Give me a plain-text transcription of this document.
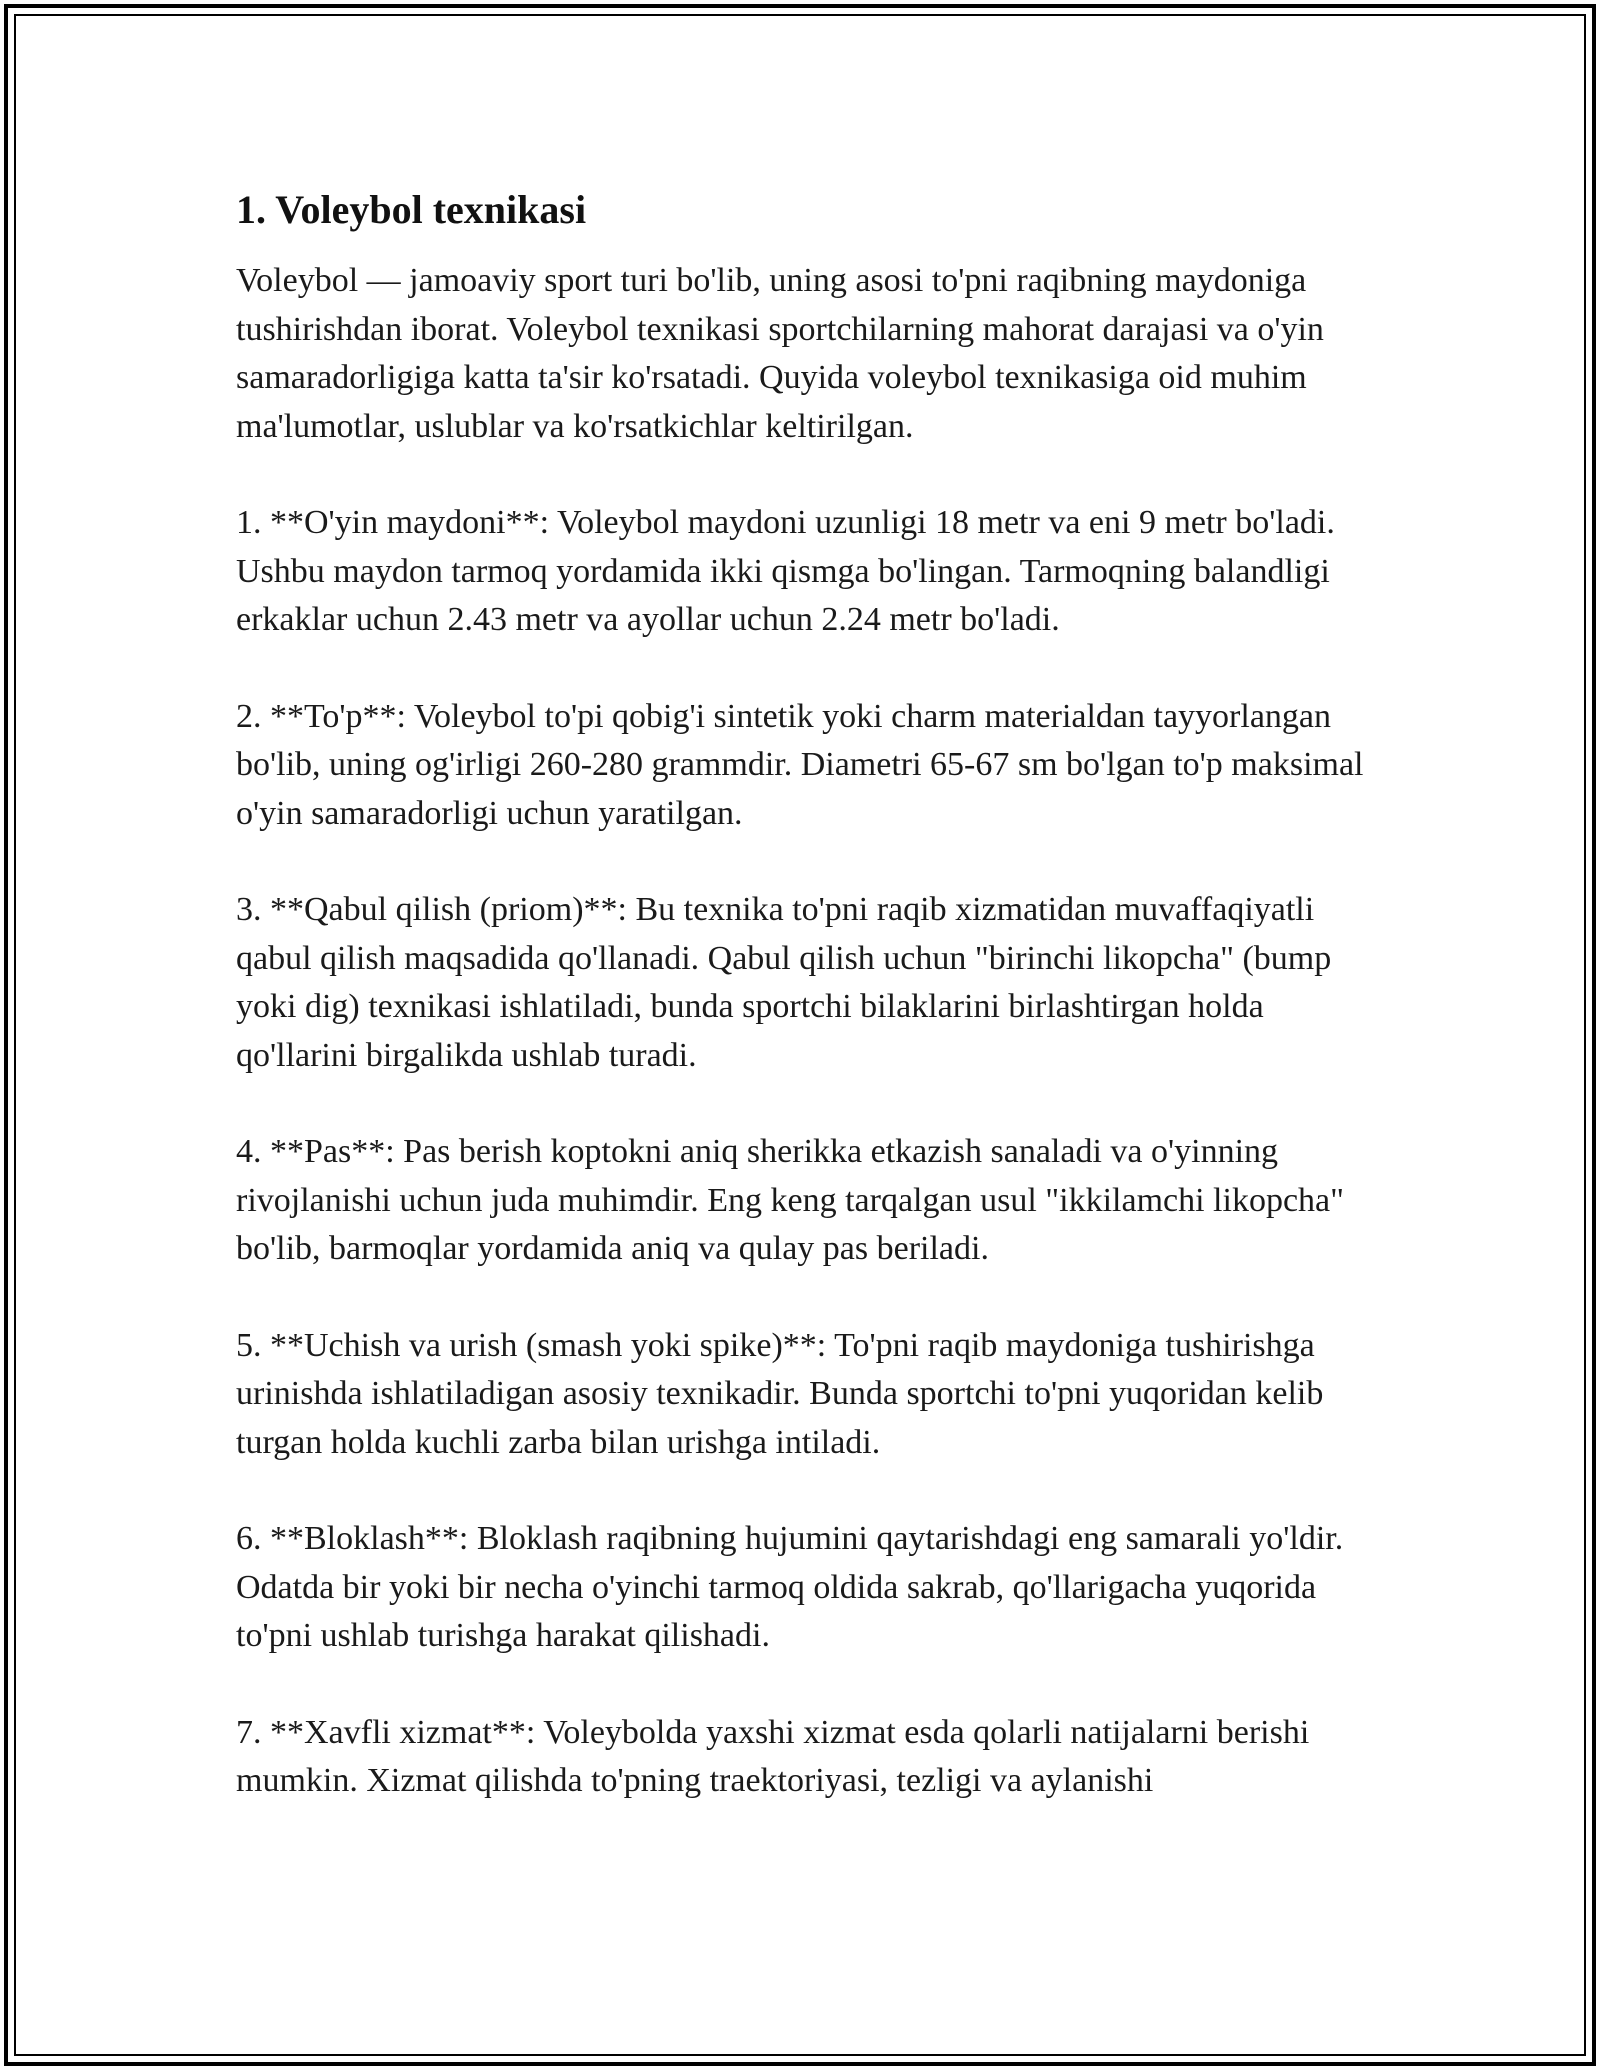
1. Voleybol texnikasi

Voleybol — jamoaviy sport turi bo'lib, uning asosi to'pni raqibning maydoniga tushirishdan iborat. Voleybol texnikasi sportchilarning mahorat darajasi va o'yin samaradorligiga katta ta'sir ko'rsatadi. Quyida voleybol texnikasiga oid muhim ma'lumotlar, uslublar va ko'rsatkichlar keltirilgan.

1. **O'yin maydoni**: Voleybol maydoni uzunligi 18 metr va eni 9 metr bo'ladi. Ushbu maydon tarmoq yordamida ikki qismga bo'lingan. Tarmoqning balandligi erkaklar uchun 2.43 metr va ayollar uchun 2.24 metr bo'ladi.

2. **To'p**: Voleybol to'pi qobig'i sintetik yoki charm materialdan tayyorlangan bo'lib, uning og'irligi 260-280 grammdir. Diametri 65-67 sm bo'lgan to'p maksimal o'yin samaradorligi uchun yaratilgan.

3. **Qabul qilish (priom)**: Bu texnika to'pni raqib xizmatidan muvaffaqiyatli qabul qilish maqsadida qo'llanadi. Qabul qilish uchun "birinchi likopcha" (bump yoki dig) texnikasi ishlatiladi, bunda sportchi bilaklarini birlashtirgan holda qo'llarini birgalikda ushlab turadi.

4. **Pas**: Pas berish koptokni aniq sherikka etkazish sanaladi va o'yinning rivojlanishi uchun juda muhimdir. Eng keng tarqalgan usul "ikkilamchi likopcha" bo'lib, barmoqlar yordamida aniq va qulay pas beriladi.

5. **Uchish va urish (smash yoki spike)**: To'pni raqib maydoniga tushirishga urinishda ishlatiladigan asosiy texnikadir. Bunda sportchi to'pni yuqoridan kelib turgan holda kuchli zarba bilan urishga intiladi.

6. **Bloklash**: Bloklash raqibning hujumini qaytarishdagi eng samarali yo'ldir. Odatda bir yoki bir necha o'yinchi tarmoq oldida sakrab, qo'llarigacha yuqorida to'pni ushlab turishga harakat qilishadi.

7. **Xavfli xizmat**: Voleybolda yaxshi xizmat esda qolarli natijalarni berishi mumkin. Xizmat qilishda to'pning traektoriyasi, tezligi va aylanishi
